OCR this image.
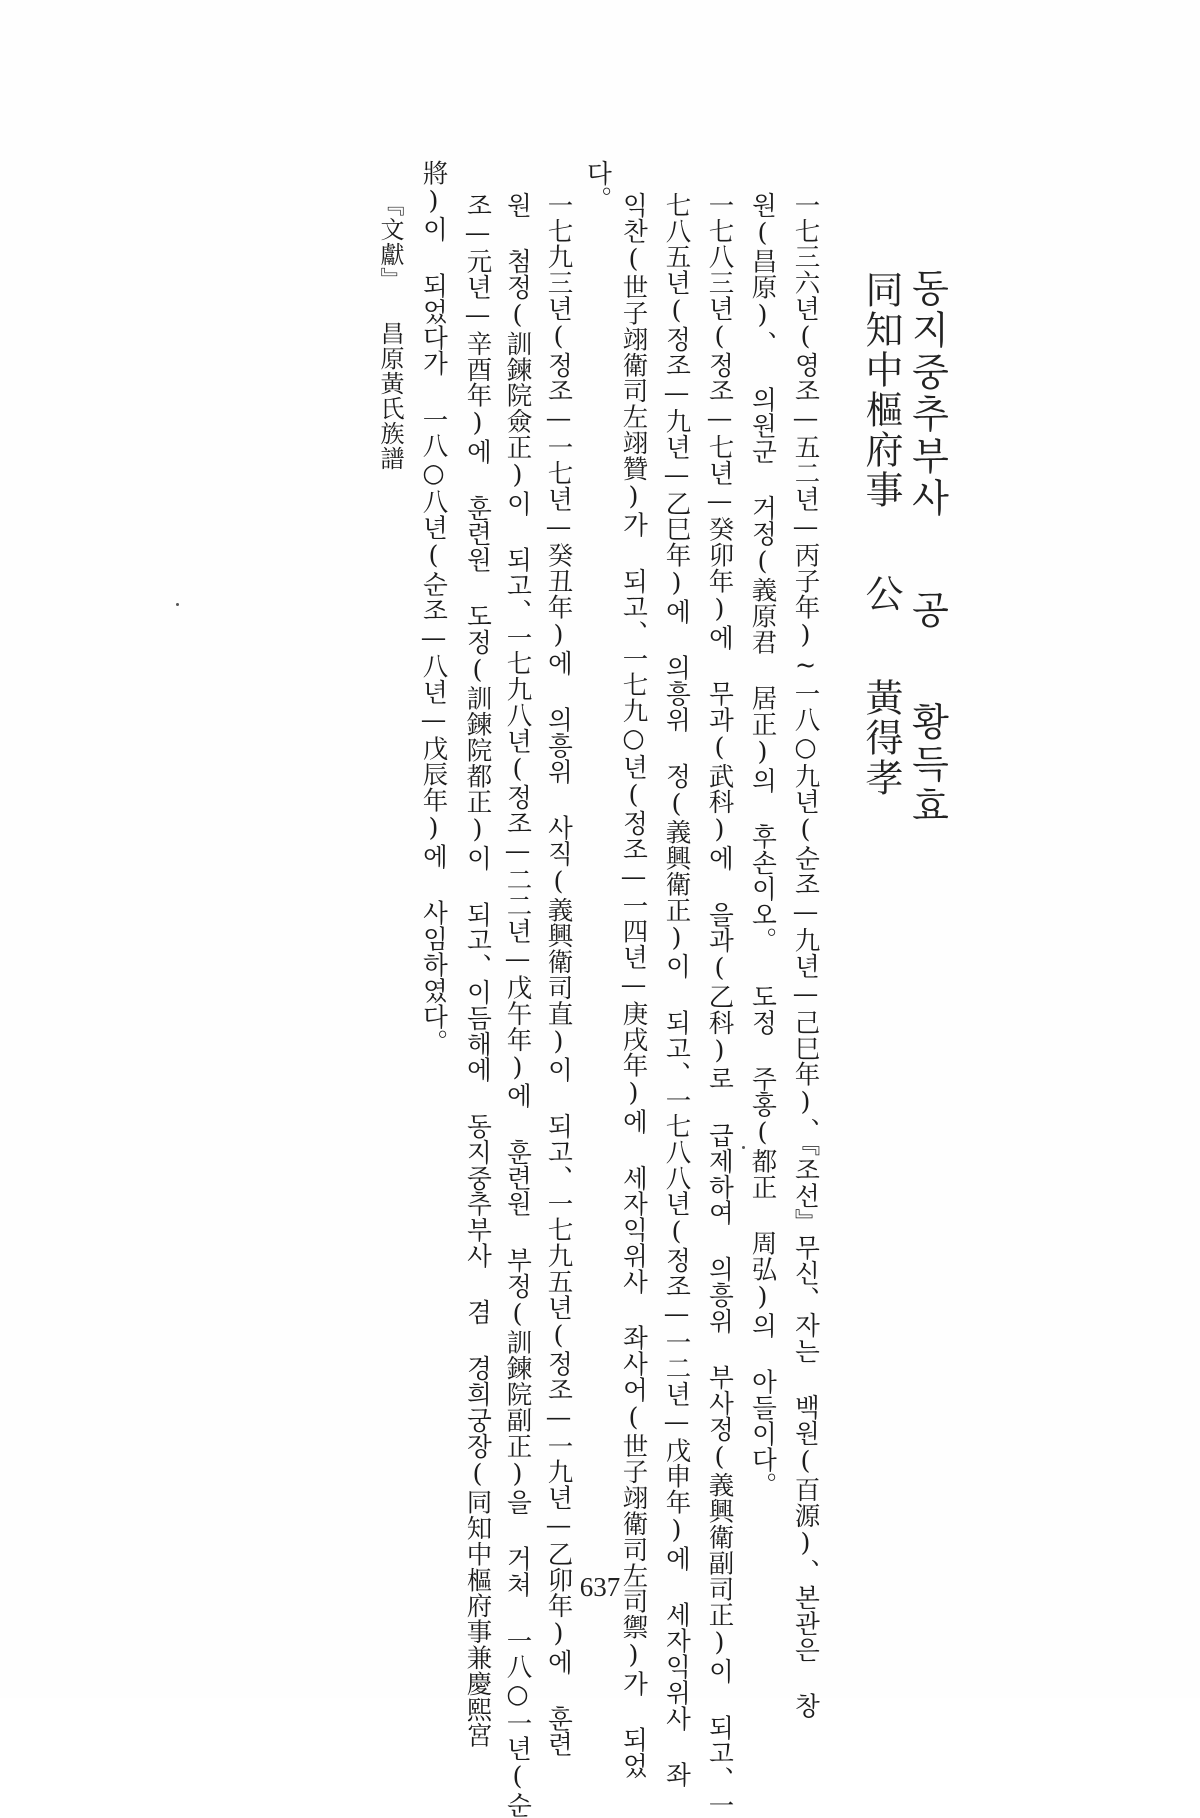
동지중추부사 공 황득효
同知中樞府事 公 黃得孝
一七三六년(영조—五二년—丙子年)~一八○九년(순조—九년—己巳年)、『조선』무신、자는 백원(百源)、본관은 창
원(昌原)、 의원군 거정(義原君 居正)의 후손이오。 도정 주홍(都正 周弘)의 아들이다。
一七八三년(정조—七년—癸卯年)에 무과(武科)에 을과(乙科)로 급제하여 의흥위 부사정(義興衛副司正)이 되고、一
七八五년(정조—九년—乙巳年)에 의흥위 정(義興衛正)이 되고、一七八八년(정조—一二년—戊申年)에 세자익위사 좌
익찬(世子翊衛司左翊贊)가 되고、一七九○년(정조—一四년—庚戌年)에 세자익위사 좌사어(世子翊衛司左司禦)가 되었
다。
一七九三년(정조—一七년—癸丑年)에 의흥위 사직(義興衛司直)이 되고、一七九五년(정조—一九년—乙卯年)에 훈련
원 첨정(訓鍊院僉正)이 되고、一七九八년(정조—二二년—戊午年)에 훈련원 부정(訓鍊院副正)을 거쳐 一八○一년(순
조—元년—辛酉年)에 훈련원 도정(訓鍊院都正)이 되고、이듬해에 동지중추부사 겸 경희궁장(同知中樞府事兼慶熙宮
將)이 되었다가 一八○八년(순조—八년—戊辰年)에 사임하였다。
『文獻』 昌原黃氏族譜
637
